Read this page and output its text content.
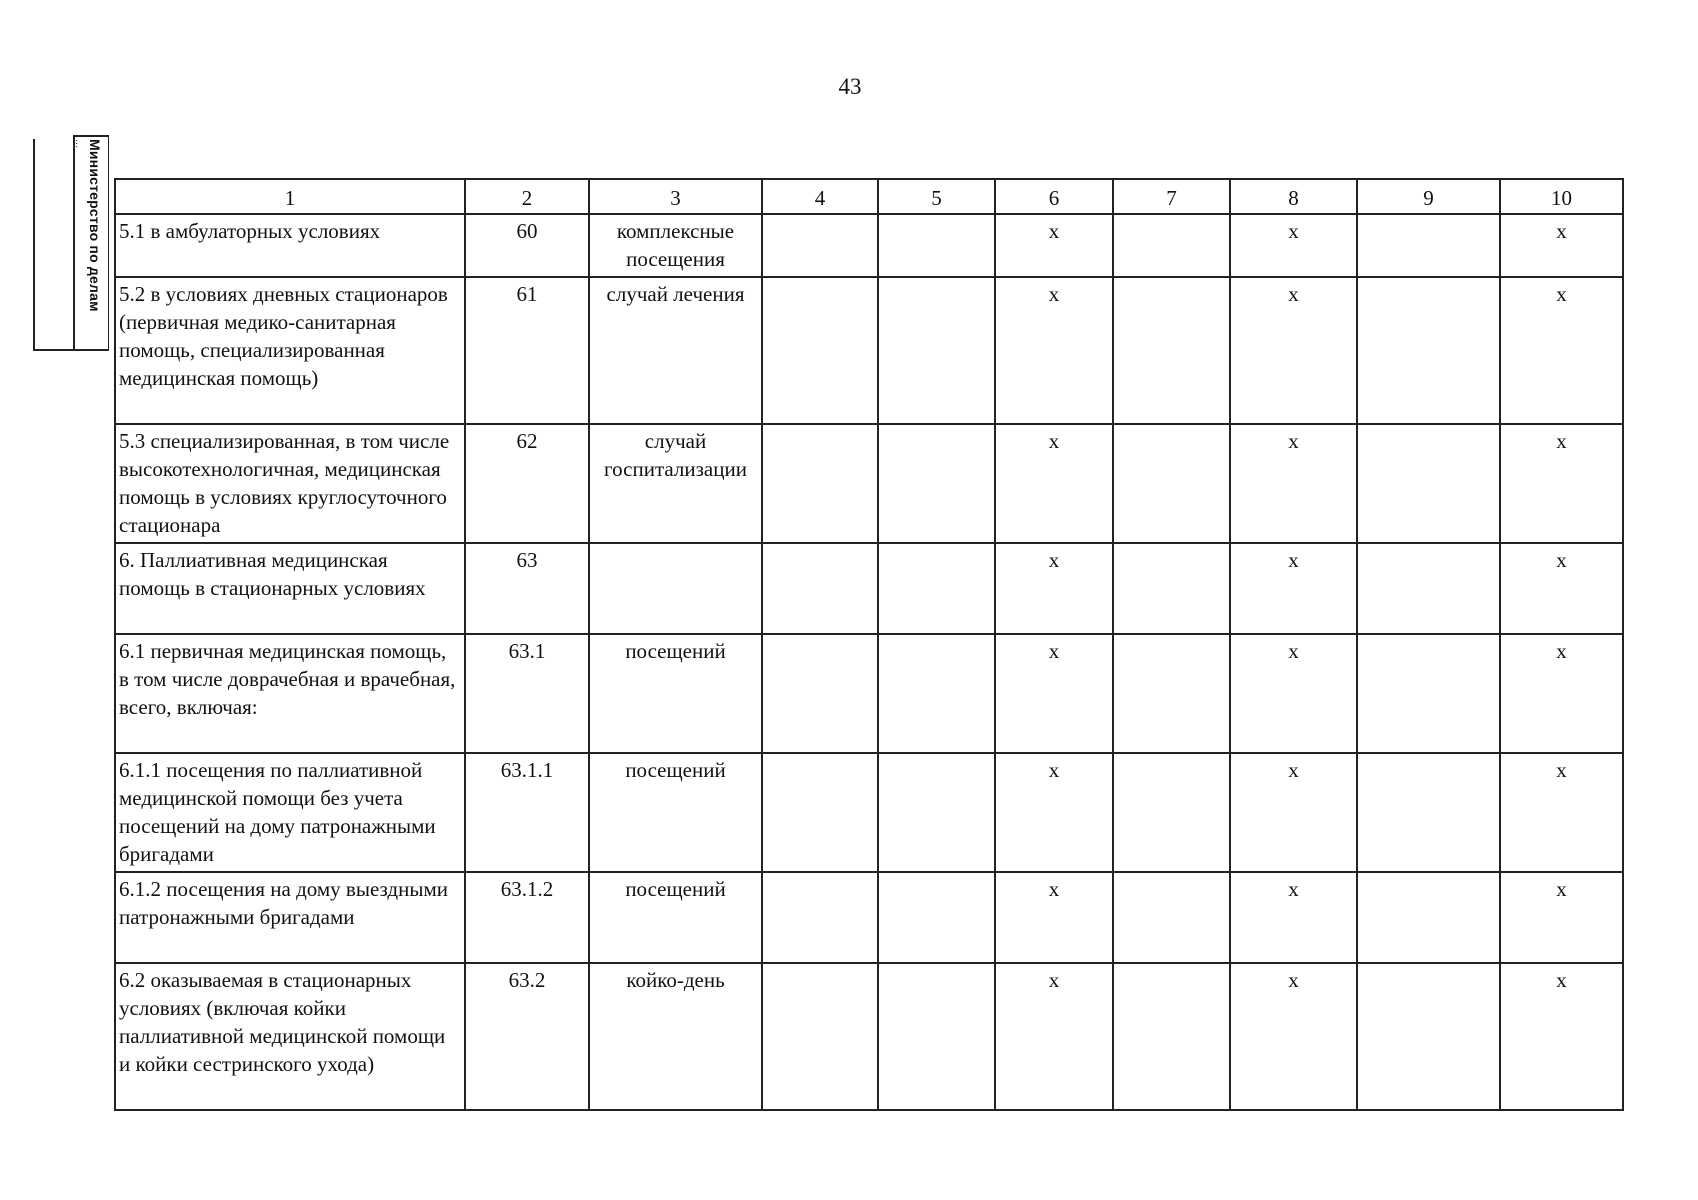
43
Министерство по делам
...
1	2	3	4	5	6	7	8	9	10
5.1 в амбулаторных условиях	60	комплексные посещения			x		x		x
5.2 в условиях дневных стационаров (первичная медико-санитарная помощь, специализированная медицинская помощь)	61	случай лечения			x		x		x
5.3 специализированная, в том числе высокотехнологичная, медицинская помощь в условиях круглосуточного стационара	62	случай госпитализации			x		x		x
6. Паллиативная медицинская помощь в стационарных условиях	63				x		x		x
6.1 первичная медицинская помощь, в том числе доврачебная и врачебная, всего, включая:	63.1	посещений			x		x		x
6.1.1 посещения по паллиативной медицинской помощи без учета посещений на дому патронажными бригадами	63.1.1	посещений			x		x		x
6.1.2 посещения на дому выездными патронажными бригадами	63.1.2	посещений			x		x		x
6.2 оказываемая в стационарных условиях (включая койки паллиативной медицинской помощи и койки сестринского ухода)	63.2	койко-день			x		x		x
